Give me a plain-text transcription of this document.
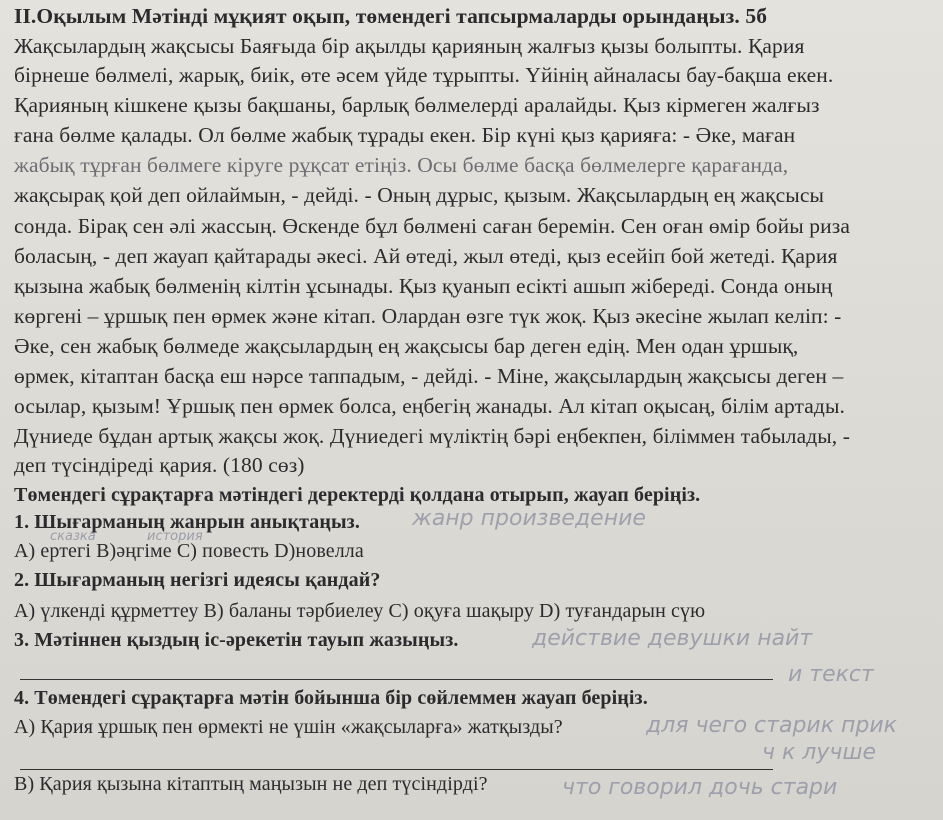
ІІ.Оқылым Мәтінді мұқият оқып, төмендегі тапсырмаларды орындаңыз. 5б
Жақсылардың жақсысы Баяғыда бір ақылды қарияның жалғыз қызы болыпты. Қария
бірнеше бөлмелі, жарық, биік, өте әсем үйде тұрыпты. Үйінің айналасы бау-бақша екен.
Қарияның кішкене қызы бақшаны, барлық бөлмелерді аралайды. Қыз кірмеген жалғыз
ғана бөлме қалады. Ол бөлме жабық тұрады екен. Бір күні қыз қарияға: - Әке, маған
жабық тұрған бөлмеге кіруге рұқсат етіңіз. Осы бөлме басқа бөлмелерге қарағанда,
жақсырақ қой деп ойлаймын, - дейді. - Оның дұрыс, қызым. Жақсылардың ең жақсысы
сонда. Бірақ сен әлі жассың. Өскенде бұл бөлмені саған беремін. Сен оған өмір бойы риза
боласың, - деп жауап қайтарады әкесі. Ай өтеді, жыл өтеді, қыз есейіп бой жетеді. Қария
қызына жабық бөлменің кілтін ұсынады. Қыз қуанып есікті ашып жібереді. Сонда оның
көргені – ұршық пен өрмек және кітап. Олардан өзге түк жоқ. Қыз әкесіне жылап келіп: -
Әке, сен жабық бөлмеде жақсылардың ең жақсысы бар деген едің. Мен одан ұршық,
өрмек, кітаптан басқа еш нәрсе таппадым, - дейді. - Міне, жақсылардың жақсысы деген –
осылар, қызым! Ұршық пен өрмек болса, еңбегің жанады. Ал кітап оқысаң, білім артады.
Дүниеде бұдан артық жақсы жоқ. Дүниедегі мүліктің бәрі еңбекпен, біліммен табылады, -
деп түсіндіреді қария. (180 сөз)
Төмендегі сұрақтарға мәтіндегі деректерді қолдана отырып, жауап беріңіз.
1. Шығарманың жанрын анықтаңыз. жанр произведение
сказка	история
А) ертегі В)әңгіме С) повесть D)новелла
2. Шығарманың негізгі идеясы қандай?
А) үлкенді құрметтеу В) баланы тәрбиелеу С) оқуға шақыру D) туғандарын сүю
3. Мәтіннен қыздың іс-әрекетін тауып жазыңыз.	действие девушки найт
и текст
4. Төмендегі сұрақтарға мәтін бойынша бір сөйлеммен жауап беріңіз.
А) Қария ұршық пен өрмекті не үшін «жақсыларға» жатқызды?	для чего старик прик
ч к лучше
В) Қария қызына кітаптың маңызын не деп түсіндірді?	что говорил дочь стари
